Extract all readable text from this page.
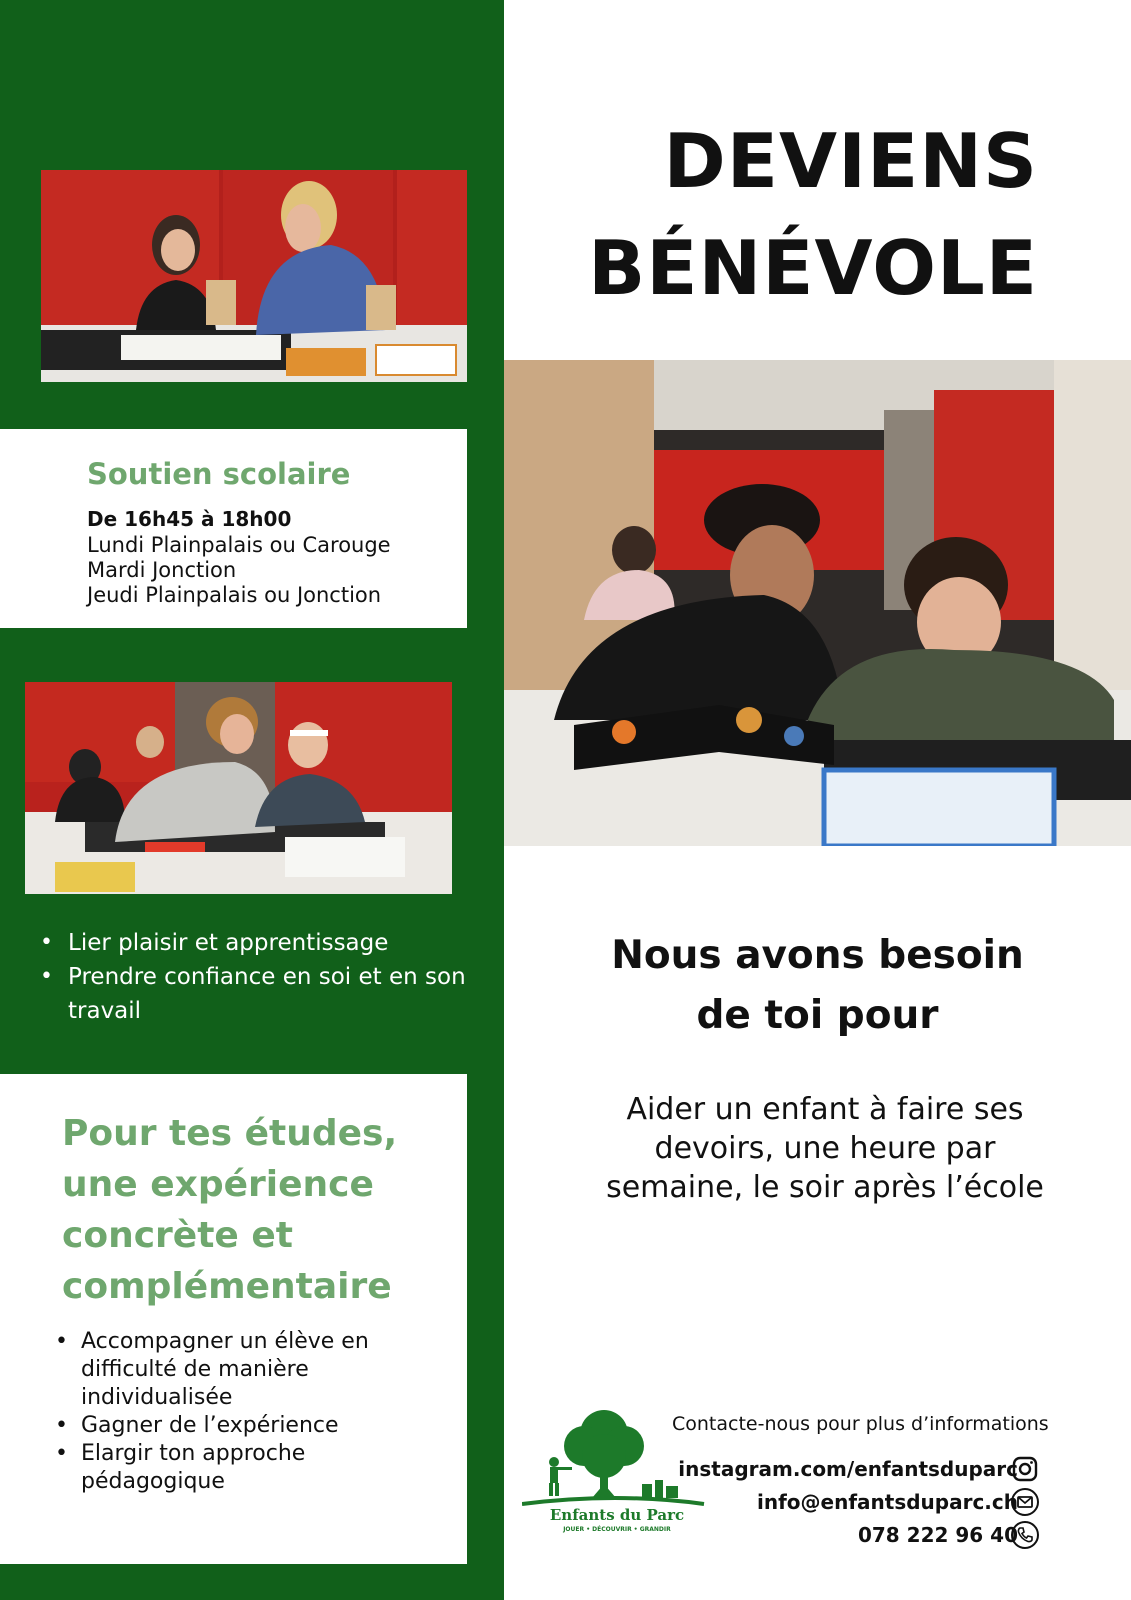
Soutien scolaire
De 16h45 à 18h00
Lundi Plainpalais ou Carouge
Mardi Jonction
Jeudi Plainpalais ou Jonction
• Lier plaisir et apprentissage
• Prendre confiance en soi et en son travail
Pour tes études, une expérience concrète et complémentaire
• Accompagner un élève en difficulté de manière individualisée
• Gagner de l’expérience
• Elargir ton approche pédagogique
DEVIENS
BÉNÉVOLE
Nous avons besoin
de toi pour
Aider un enfant à faire ses devoirs, une heure par semaine, le soir après l’école
Enfants du Parc
JOUER • DÉCOUVRIR • GRANDIR
Contacte-nous pour plus d’informations
instagram.com/enfantsduparc
info@enfantsduparc.ch
078 222 96 40
